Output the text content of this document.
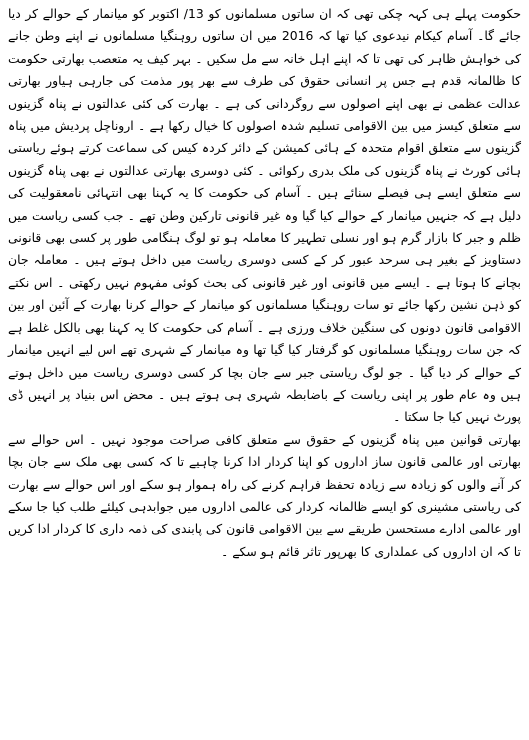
حکومت پہلے ہی کہہ چکی تھی کہ ان ساتوں مسلمانوں کو 13/ اکتوبر کو میانمار کے حوالے کر دیا جائے گا۔ آسام کیکام نیدعوی کیا تھا کہ 2016 میں ان ساتوں روہنگیا مسلمانوں نے اپنے وطن جانے کی خواہش ظاہر کی تھی تا کہ اپنے اہل خانہ سے مل سکیں ۔ بہر کیف یہ متعصب بھارتی حکومت کا ظالمانہ قدم ہے جس پر انسانی حقوق کی طرف سے بھر پور مذمت کی جارہی ہیاور بھارتی عدالت عظمی نے بھی اپنے اصولوں سے روگردانی کی ہے ۔ بھارت کی کئی عدالتوں نے پناہ گزینوں سے متعلق کیسز میں بین الاقوامی تسلیم شدہ اصولوں کا خیال رکھا ہے ۔ اروناچل پردیش میں پناہ گزینوں سے متعلق اقوام متحدہ کے ہائی کمیشن کے دائر کردہ کیس کی سماعت کرتے ہوئے ریاستی ہائی کورٹ نے پناہ گزینوں کی ملک بدری رکوائی ۔ کئی دوسری بھارتی عدالتوں نے بھی پناہ گزینوں سے متعلق ایسے ہی فیصلے سنائے ہیں ۔ آسام کی حکومت کا یہ کہنا بھی انتہائی نامعقولیت کی دلیل ہے کہ جنہیں میانمار کے حوالے کیا گیا وہ غیر قانونی تارکین وطن تھے ۔ جب کسی ریاست میں ظلم و جبر کا بازار گرم ہو اور نسلی تطہیر کا معاملہ ہو تو لوگ ہنگامی طور پر کسی بھی قانونی دستاویز کے بغیر ہی سرحد عبور کر کے کسی دوسری ریاست میں داخل ہوتے ہیں ۔ معاملہ جان بچانے کا ہوتا ہے ۔ ایسے میں قانونی اور غیر قانونی کی بحث کوئی مفہوم نہیں رکھتی ۔ اس نکتے کو ذہن نشین رکھا جائے تو سات روہنگیا مسلمانوں کو میانمار کے حوالے کرنا بھارت کے آئین اور بین الاقوامی قانون دونوں کی سنگین خلاف ورزی ہے ۔ آسام کی حکومت کا یہ کہنا بھی بالکل غلط ہے کہ جن سات روہنگیا مسلمانوں کو گرفتار کیا گیا تھا وہ میانمار کے شہری تھے اس لیے انہیں میانمار کے حوالے کر دیا گیا ۔ جو لوگ ریاستی جبر سے جان بچا کر کسی دوسری ریاست میں داخل ہوتے ہیں وہ عام طور پر اپنی ریاست کے باضابطہ شہری ہی ہوتے ہیں ۔ محض اس بنیاد پر انہیں ڈی پورٹ نہیں کیا جا سکتا ۔

بھارتی قوانین میں پناہ گزینوں کے حقوق سے متعلق کافی صراحت موجود نہیں ۔ اس حوالے سے بھارتی اور عالمی قانون ساز اداروں کو اپنا کردار ادا کرنا چاہیے تا کہ کسی بھی ملک سے جان بچا کر آنے والوں کو زیادہ سے زیادہ تحفظ فراہم کرنے کی راہ ہموار ہو سکے اور اس حوالے سے بھارت کی ریاستی مشینری کو ایسے ظالمانہ کردار کی عالمی اداروں میں جوابدہی کیلئے طلب کیا جا سکے اور عالمی ادارے مستحسن طریقے سے بین الاقوامی قانون کی پابندی کی ذمہ داری کا کردار ادا کریں تا کہ ان اداروں کی عملداری کا بھرپور تاثر قائم ہو سکے ۔
